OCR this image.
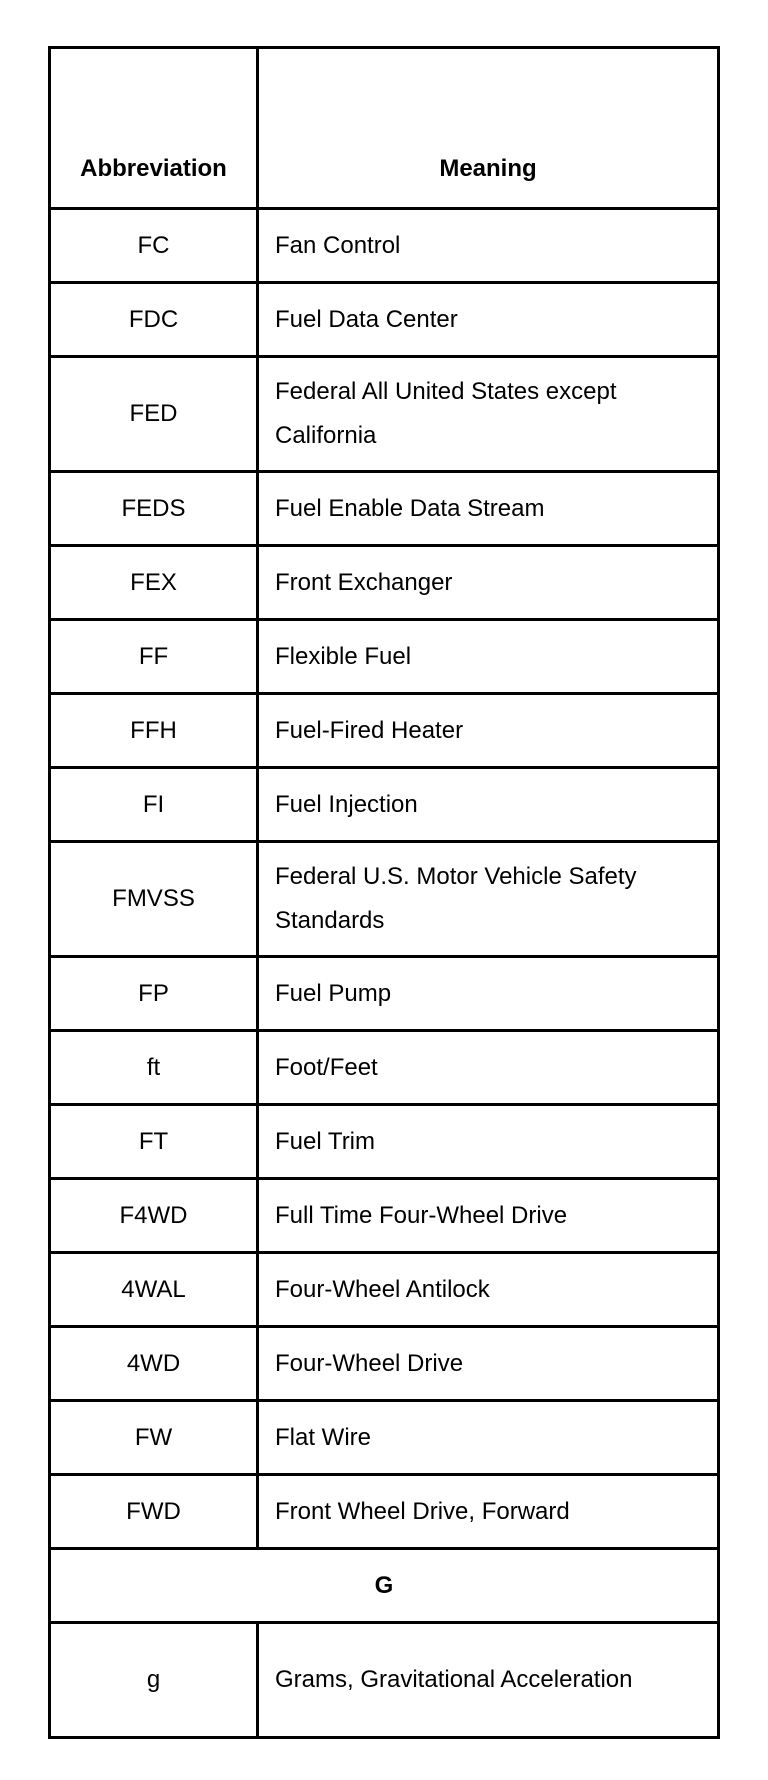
Abbreviation	Meaning
FC	Fan Control
FDC	Fuel Data Center
FED	Federal All United States except California
FEDS	Fuel Enable Data Stream
FEX	Front Exchanger
FF	Flexible Fuel
FFH	Fuel-Fired Heater
FI	Fuel Injection
FMVSS	Federal U.S. Motor Vehicle Safety Standards
FP	Fuel Pump
ft	Foot/Feet
FT	Fuel Trim
F4WD	Full Time Four-Wheel Drive
4WAL	Four-Wheel Antilock
4WD	Four-Wheel Drive
FW	Flat Wire
FWD	Front Wheel Drive, Forward
G	
g	Grams, Gravitational Acceleration
